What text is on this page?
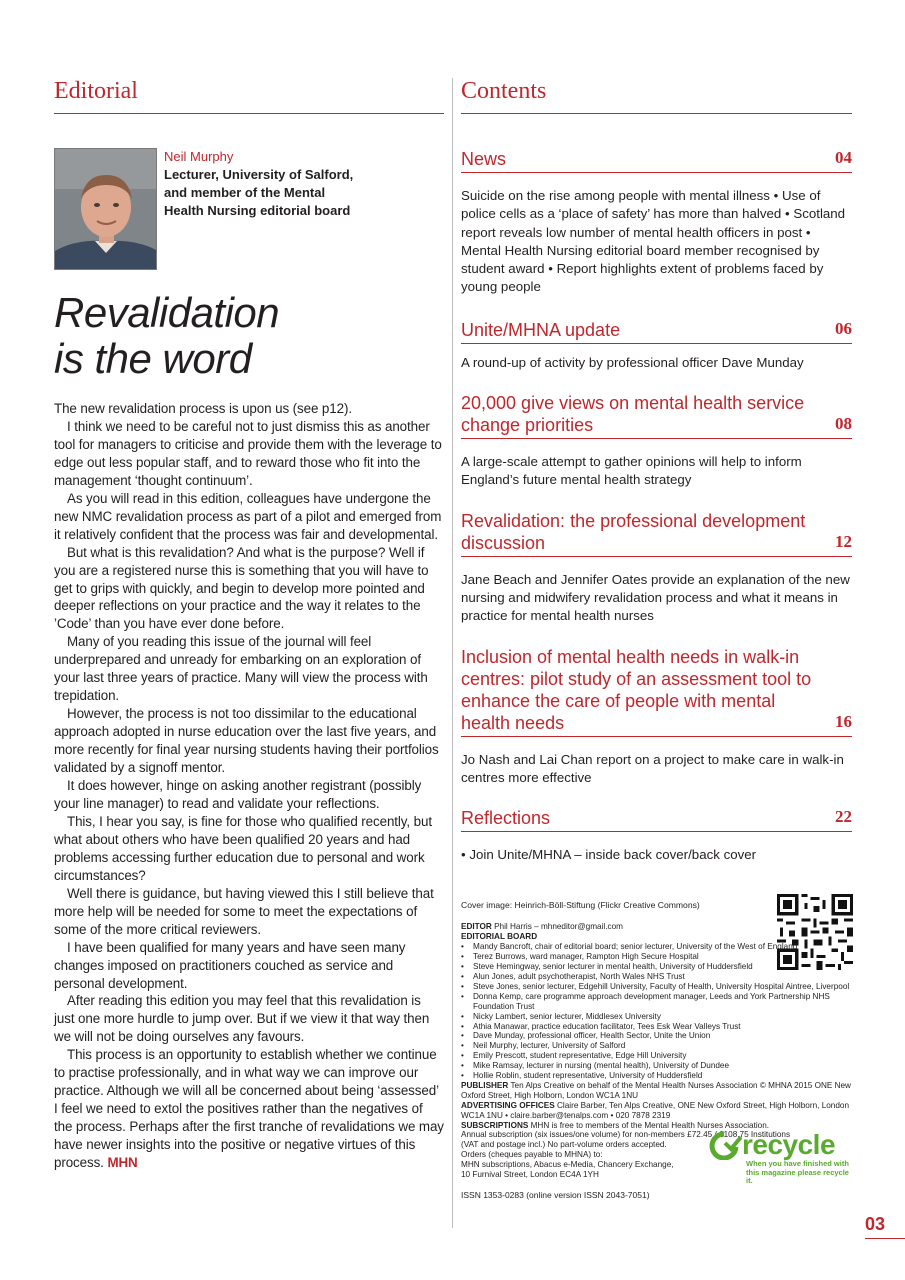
Editorial
Neil Murphy
Lecturer, University of Salford, and member of the Mental Health Nursing editorial board
Revalidation
is the word

The new revalidation process is upon us (see p12).

I think we need to be careful not to just dismiss this as another tool for managers to criticise and provide them with the leverage to edge out less popular staff, and to reward those who fit into the management ‘thought continuum’.

As you will read in this edition, colleagues have undergone the new NMC revalidation process as part of a pilot and emerged from it relatively confident that the process was fair and developmental.

But what is this revalidation? And what is the purpose? Well if you are a registered nurse this is something that you will have to get to grips with quickly, and begin to develop more pointed and deeper reflections on your practice and the way it relates to the ’Code’ than you have ever done before.

Many of you reading this issue of the journal will feel underprepared and unready for embarking on an exploration of your last three years of practice. Many will view the process with trepidation.

However, the process is not too dissimilar to the educational approach adopted in nurse education over the last five years, and more recently for final year nursing students having their portfolios validated by a signoff mentor.

It does however, hinge on asking another registrant (possibly your line manager) to read and validate your reflections.

This, I hear you say, is fine for those who qualified recently, but what about others who have been qualified 20 years and had problems accessing further education due to personal and work circumstances?

Well there is guidance, but having viewed this I still believe that more help will be needed for some to meet the expectations of some of the more critical reviewers.

I have been qualified for many years and have seen many changes imposed on practitioners couched as service and personal development.

After reading this edition you may feel that this revalidation is just one more hurdle to jump over. But if we view it that way then we will not be doing ourselves any favours.

This process is an opportunity to establish whether we continue to practise professionally, and in what way we can improve our practice. Although we will all be concerned about being ‘assessed’ I feel we need to extol the positives rather than the negatives of the process. Perhaps after the first tranche of revalidations we may have newer insights into the positive or negative virtues of this process. MHN

Contents
News	04
Suicide on the rise among people with mental illness • Use of police cells as a ‘place of safety’ has more than halved • Scotland report reveals low number of mental health officers in post • Mental Health Nursing editorial board member recognised by student award • Report highlights extent of problems faced by young people
Unite/MHNA update	06
A round-up of activity by professional officer Dave Munday
20,000 give views on mental health service change priorities	08
A large-scale attempt to gather opinions will help to inform England’s future mental health strategy
Revalidation: the professional development discussion	12
Jane Beach and Jennifer Oates provide an explanation of the new nursing and midwifery revalidation process and what it means in practice for mental health nurses
Inclusion of mental health needs in walk-in centres: pilot study of an assessment tool to enhance the care of people with mental health needs	16
Jo Nash and Lai Chan report on a project to make care in walk-in centres more effective
Reflections	22
• Join Unite/MHNA – inside back cover/back cover
Cover image: Heinrich-Böll-Stiftung (Flickr Creative Commons)
EDITOR Phil Harris – mhneditor@gmail.com
EDITORIAL BOARD
• Mandy Bancroft, chair of editorial board; senior lecturer, University of the West of England
• Terez Burrows, ward manager, Rampton High Secure Hospital
• Steve Hemingway, senior lecturer in mental health, University of Huddersfield
• Alun Jones, adult psychotherapist, North Wales NHS Trust
• Steve Jones, senior lecturer, Edgehill University, Faculty of Health, University Hospital Aintree, Liverpool
• Donna Kemp, care programme approach development manager, Leeds and York Partnership NHS Foundation Trust
• Nicky Lambert, senior lecturer, Middlesex University
• Athia Manawar, practice education facilitator, Tees Esk Wear Valleys Trust
• Dave Munday, professional officer, Health Sector, Unite the Union
• Neil Murphy, lecturer, University of Salford
• Emily Prescott, student representative, Edge Hill University
• Mike Ramsay, lecturer in nursing (mental health), University of Dundee
• Hollie Roblin, student representative, University of Huddersfield
PUBLISHER Ten Alps Creative on behalf of the Mental Health Nurses Association © MHNA 2015 ONE New Oxford Street, High Holborn, London WC1A 1NU
ADVERTISING OFFICES Claire Barber, Ten Alps Creative, ONE New Oxford Street, High Holborn, London WC1A 1NU • claire.barber@tenalps.com • 020 7878 2319
SUBSCRIPTIONS MHN is free to members of the Mental Health Nurses Association.
Annual subscription (six issues/one volume) for non-members £72.45 / £108.75 Institutions
(VAT and postage incl.) No part-volume orders accepted.
Orders (cheques payable to MHNA) to:
MHN subscriptions, Abacus e-Media, Chancery Exchange,
10 Furnival Street, London EC4A 1YH
recycle
When you have finished with
this magazine please recycle it.
ISSN 1353-0283 (online version ISSN 2043-7051)
03
